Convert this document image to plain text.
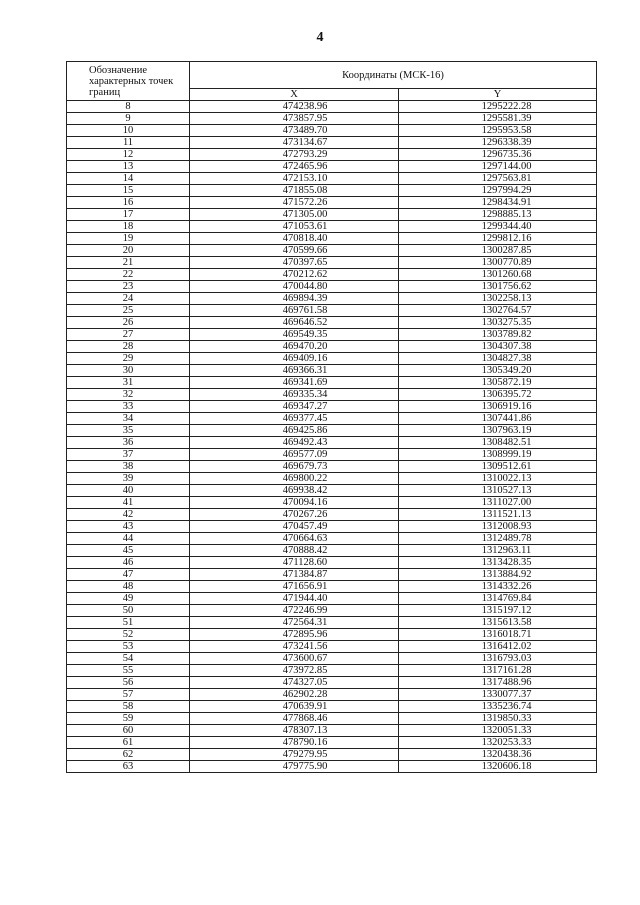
4
Обозначение характерных точек границ	Координаты (МСК-16)	
	X	Y
8	474238.96	1295222.28
9	473857.95	1295581.39
10	473489.70	1295953.58
11	473134.67	1296338.39
12	472793.29	1296735.36
13	472465.96	1297144.00
14	472153.10	1297563.81
15	471855.08	1297994.29
16	471572.26	1298434.91
17	471305.00	1298885.13
18	471053.61	1299344.40
19	470818.40	1299812.16
20	470599.66	1300287.85
21	470397.65	1300770.89
22	470212.62	1301260.68
23	470044.80	1301756.62
24	469894.39	1302258.13
25	469761.58	1302764.57
26	469646.52	1303275.35
27	469549.35	1303789.82
28	469470.20	1304307.38
29	469409.16	1304827.38
30	469366.31	1305349.20
31	469341.69	1305872.19
32	469335.34	1306395.72
33	469347.27	1306919.16
34	469377.45	1307441.86
35	469425.86	1307963.19
36	469492.43	1308482.51
37	469577.09	1308999.19
38	469679.73	1309512.61
39	469800.22	1310022.13
40	469938.42	1310527.13
41	470094.16	1311027.00
42	470267.26	1311521.13
43	470457.49	1312008.93
44	470664.63	1312489.78
45	470888.42	1312963.11
46	471128.60	1313428.35
47	471384.87	1313884.92
48	471656.91	1314332.26
49	471944.40	1314769.84
50	472246.99	1315197.12
51	472564.31	1315613.58
52	472895.96	1316018.71
53	473241.56	1316412.02
54	473600.67	1316793.03
55	473972.85	1317161.28
56	474327.05	1317488.96
57	462902.28	1330077.37
58	470639.91	1335236.74
59	477868.46	1319850.33
60	478307.13	1320051.33
61	478790.16	1320253.33
62	479279.95	1320438.36
63	479775.90	1320606.18
